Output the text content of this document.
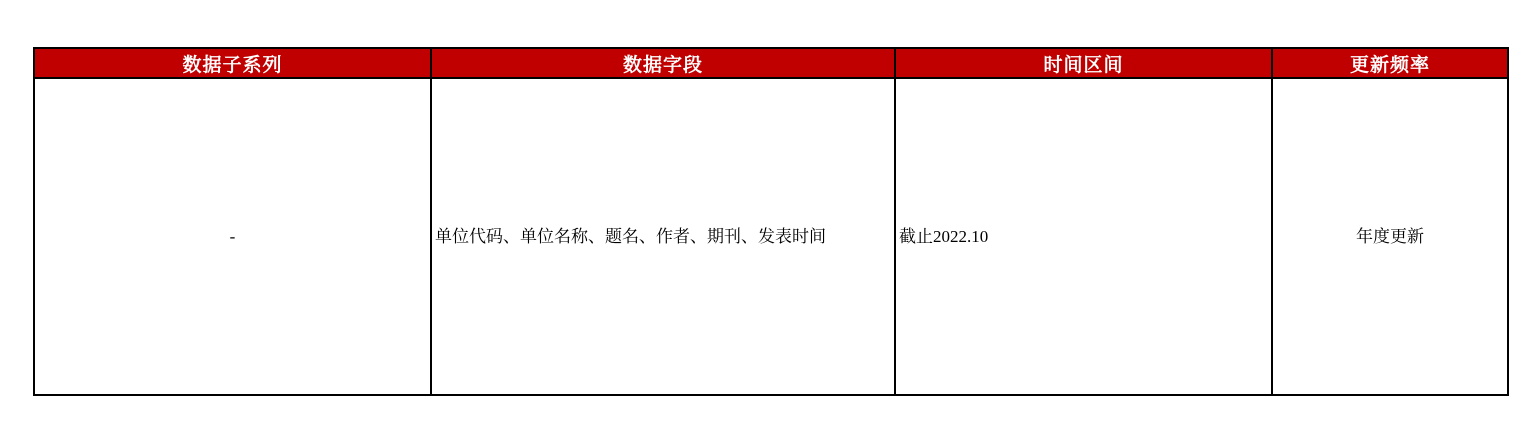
数据子系列	数据字段	时间区间	更新频率
-	单位代码、单位名称、题名、作者、期刊、发表时间	截止2022.10	年度更新
